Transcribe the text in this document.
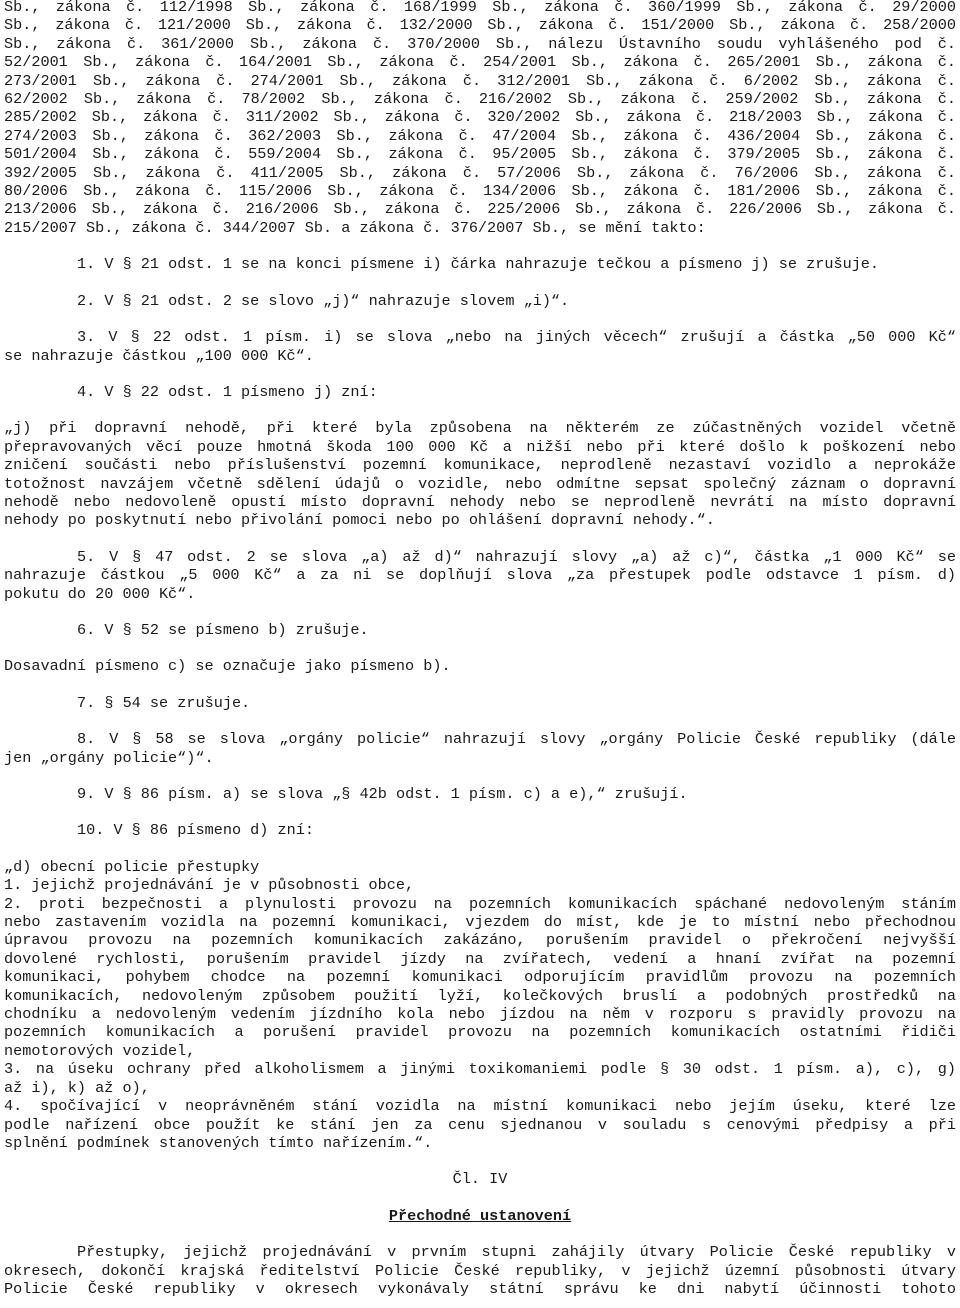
Sb., zákona č. 112/1998 Sb., zákona č. 168/1999 Sb., zákona č. 360/1999 Sb., zákona č. 29/2000
Sb., zákona č. 121/2000 Sb., zákona č. 132/2000 Sb., zákona č. 151/2000 Sb., zákona č. 258/2000
Sb., zákona č. 361/2000 Sb., zákona č. 370/2000 Sb., nálezu Ústavního soudu vyhlášeného pod č.
52/2001 Sb., zákona č. 164/2001 Sb., zákona č. 254/2001 Sb., zákona č. 265/2001 Sb., zákona č.
273/2001 Sb., zákona č. 274/2001 Sb., zákona č. 312/2001 Sb., zákona č. 6/2002 Sb., zákona č.
62/2002 Sb., zákona č. 78/2002 Sb., zákona č. 216/2002 Sb., zákona č. 259/2002 Sb., zákona č.
285/2002 Sb., zákona č. 311/2002 Sb., zákona č. 320/2002 Sb., zákona č. 218/2003 Sb., zákona č.
274/2003 Sb., zákona č. 362/2003 Sb., zákona č. 47/2004 Sb., zákona č. 436/2004 Sb., zákona č.
501/2004 Sb., zákona č. 559/2004 Sb., zákona č. 95/2005 Sb., zákona č. 379/2005 Sb., zákona č.
392/2005 Sb., zákona č. 411/2005 Sb., zákona č. 57/2006 Sb., zákona č. 76/2006 Sb., zákona č.
80/2006 Sb., zákona č. 115/2006 Sb., zákona č. 134/2006 Sb., zákona č. 181/2006 Sb., zákona č.
213/2006 Sb., zákona č. 216/2006 Sb., zákona č. 225/2006 Sb., zákona č. 226/2006 Sb., zákona č.
215/2007 Sb., zákona č. 344/2007 Sb. a zákona č. 376/2007 Sb., se mění takto:
1. V § 21 odst. 1 se na konci písmene i) čárka nahrazuje tečkou a písmeno j) se zrušuje.
2. V § 21 odst. 2 se slovo „j)“ nahrazuje slovem „i)“.
3. V § 22 odst. 1 písm. i) se slova „nebo na jiných věcech“ zrušují a částka „50 000 Kč“
se nahrazuje částkou „100 000 Kč“.
4. V § 22 odst. 1 písmeno j) zní:
„j) při dopravní nehodě, při které byla způsobena na některém ze zúčastněných vozidel včetně
přepravovaných věcí pouze hmotná škoda 100 000 Kč a nižší nebo při které došlo k poškození nebo
zničení součásti nebo příslušenství pozemní komunikace, neprodleně nezastaví vozidlo a neprokáže
totožnost navzájem včetně sdělení údajů o vozidle, nebo odmítne sepsat společný záznam o dopravní
nehodě nebo nedovoleně opustí místo dopravní nehody nebo se neprodleně nevrátí na místo dopravní
nehody po poskytnutí nebo přivolání pomoci nebo po ohlášení dopravní nehody.“.
5. V § 47 odst. 2 se slova „a) až d)“ nahrazují slovy „a) až c)“, částka „1 000 Kč“ se
nahrazuje částkou „5 000 Kč“ a za ni se doplňují slova „za přestupek podle odstavce 1 písm. d)
pokutu do 20 000 Kč“.
6. V § 52 se písmeno b) zrušuje.
Dosavadní písmeno c) se označuje jako písmeno b).
7. § 54 se zrušuje.
8. V § 58 se slova „orgány policie“ nahrazují slovy „orgány Policie České republiky (dále
jen „orgány policie“)“.
9. V § 86 písm. a) se slova „§ 42b odst. 1 písm. c) a e),“ zrušují.
10. V § 86 písmeno d) zní:
„d) obecní policie přestupky
1. jejichž projednávání je v působnosti obce,
2. proti bezpečnosti a plynulosti provozu na pozemních komunikacích spáchané nedovoleným stáním
nebo zastavením vozidla na pozemní komunikaci, vjezdem do míst, kde je to místní nebo přechodnou
úpravou provozu na pozemních komunikacích zakázáno, porušením pravidel o překročení nejvyšší
dovolené rychlosti, porušením pravidel jízdy na zvířatech, vedení a hnaní zvířat na pozemní
komunikaci, pohybem chodce na pozemní komunikaci odporujícím pravidlům provozu na pozemních
komunikacích, nedovoleným způsobem použití lyží, kolečkových bruslí a podobných prostředků na
chodníku a nedovoleným vedením jízdního kola nebo jízdou na něm v rozporu s pravidly provozu na
pozemních komunikacích a porušení pravidel provozu na pozemních komunikacích ostatními řidiči
nemotorových vozidel,
3. na úseku ochrany před alkoholismem a jinými toxikomaniemi podle § 30 odst. 1 písm. a), c), g)
až i), k) až o),
4. spočívající v neoprávněném stání vozidla na místní komunikaci nebo jejím úseku, které lze
podle nařízení obce použít ke stání jen za cenu sjednanou v souladu s cenovými předpisy a při
splnění podmínek stanovených tímto nařízením.“.
Čl. IV
Přechodné ustanovení
Přestupky, jejichž projednávání v prvním stupni zahájily útvary Policie České republiky v
okresech, dokončí krajská ředitelství Policie České republiky, v jejichž územní působnosti útvary
Policie České republiky v okresech vykonávaly státní správu ke dni nabytí účinnosti tohoto
